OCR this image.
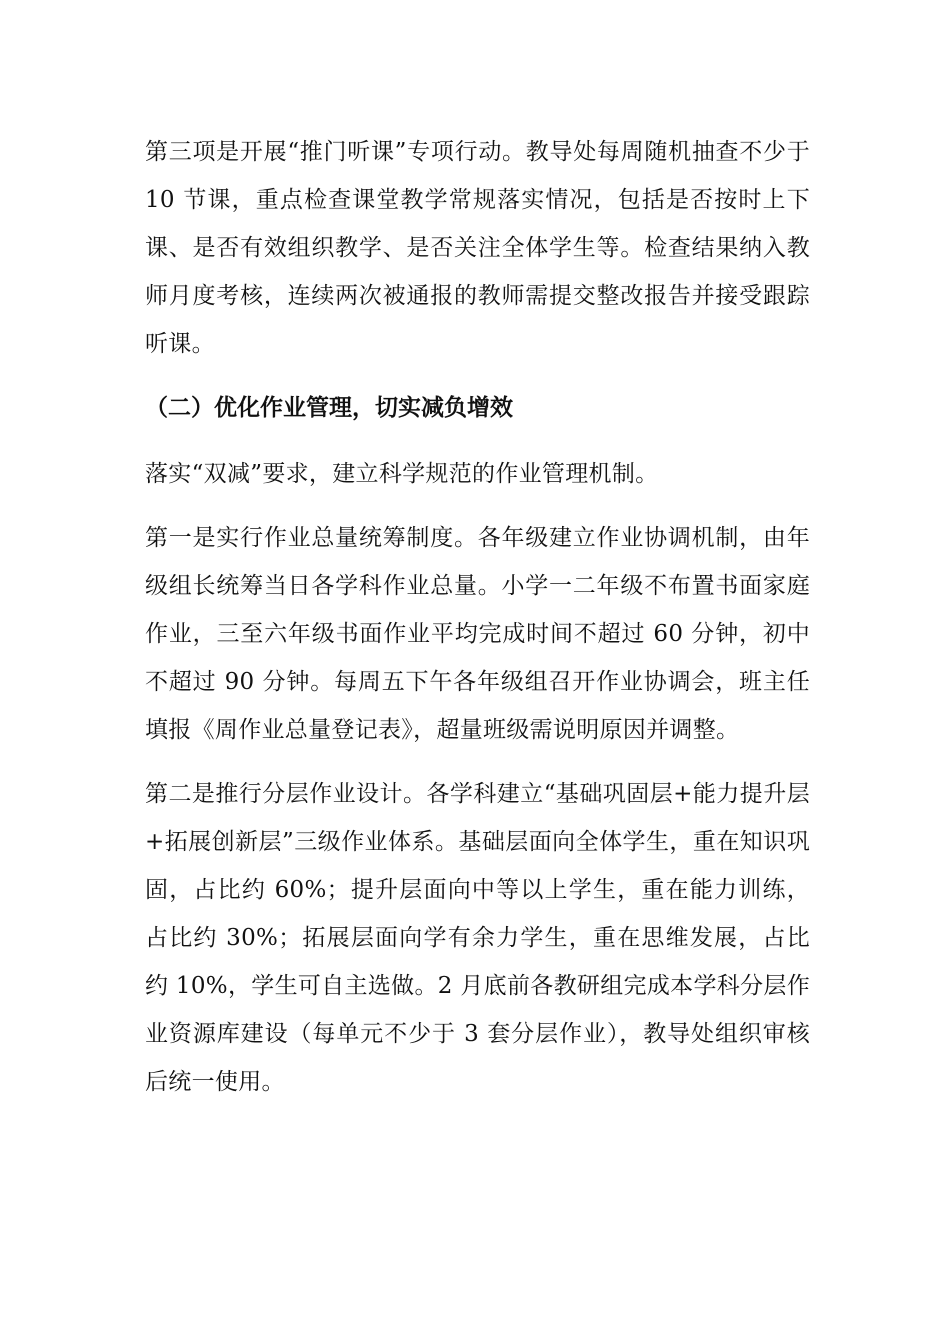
第三项是开展“推门听课”专项行动。教导处每周随机抽查不少于 10 节课，重点检查课堂教学常规落实情况，包括是否按时上下课、是否有效组织教学、是否关注全体学生等。检查结果纳入教师月度考核，连续两次被通报的教师需提交整改报告并接受跟踪听课。

（二）优化作业管理，切实减负增效

落实“双减”要求，建立科学规范的作业管理机制。

第一是实行作业总量统筹制度。各年级建立作业协调机制，由年级组长统筹当日各学科作业总量。小学一二年级不布置书面家庭作业，三至六年级书面作业平均完成时间不超过 60 分钟，初中不超过 90 分钟。每周五下午各年级组召开作业协调会，班主任填报《周作业总量登记表》，超量班级需说明原因并调整。

第二是推行分层作业设计。各学科建立“基础巩固层+能力提升层+拓展创新层”三级作业体系。基础层面向全体学生，重在知识巩固，占比约 60%；提升层面向中等以上学生，重在能力训练，占比约 30%；拓展层面向学有余力学生，重在思维发展，占比约 10%，学生可自主选做。2 月底前各教研组完成本学科分层作业资源库建设（每单元不少于 3 套分层作业），教导处组织审核后统一使用。
